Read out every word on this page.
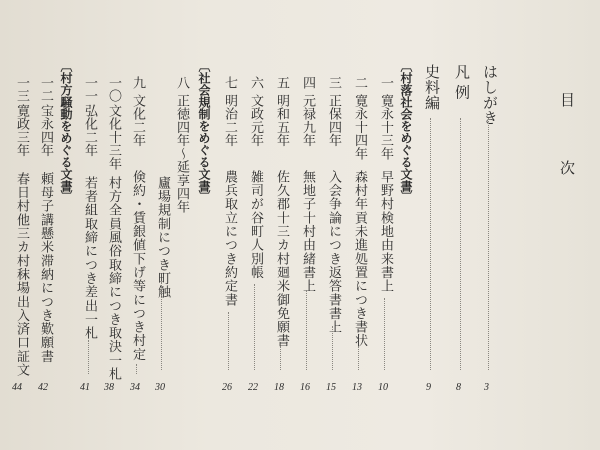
目 次
はしがき
3
凡 例
8
史料編
9
︹
村落社会をめぐる文書
︺
一
寛永十三年
早野村検地由来書上
10
二
寛永十四年
森村年貢未進処置につき書状
13
三
正保四年
入会争論につき返答書書上
15
四
元禄九年
無地子十村由緒書上
16
五
明和五年
佐久郡十三カ村廻米御免願書
18
六
文政元年
雑司が谷町人別帳
22
七
明治二年
農兵取立につき約定書
26
︹
社会規制をめぐる文書
︺
八
正徳四年～延享四年
廬場規制につき町触
30
九
文化二年
倹約・賃銀値下げ等につき村定
34
一〇
文化十三年
村方全員風俗取締につき取決一札
38
一一
弘化二年
若者組取締につき差出一札
41
︹
村方騒動をめぐる文書
︺
一二
宝永四年
頼母子講懸米滞納につき歎願書
42
一三
寛政三年
春日村他三カ村秣場出入済口証文
44
